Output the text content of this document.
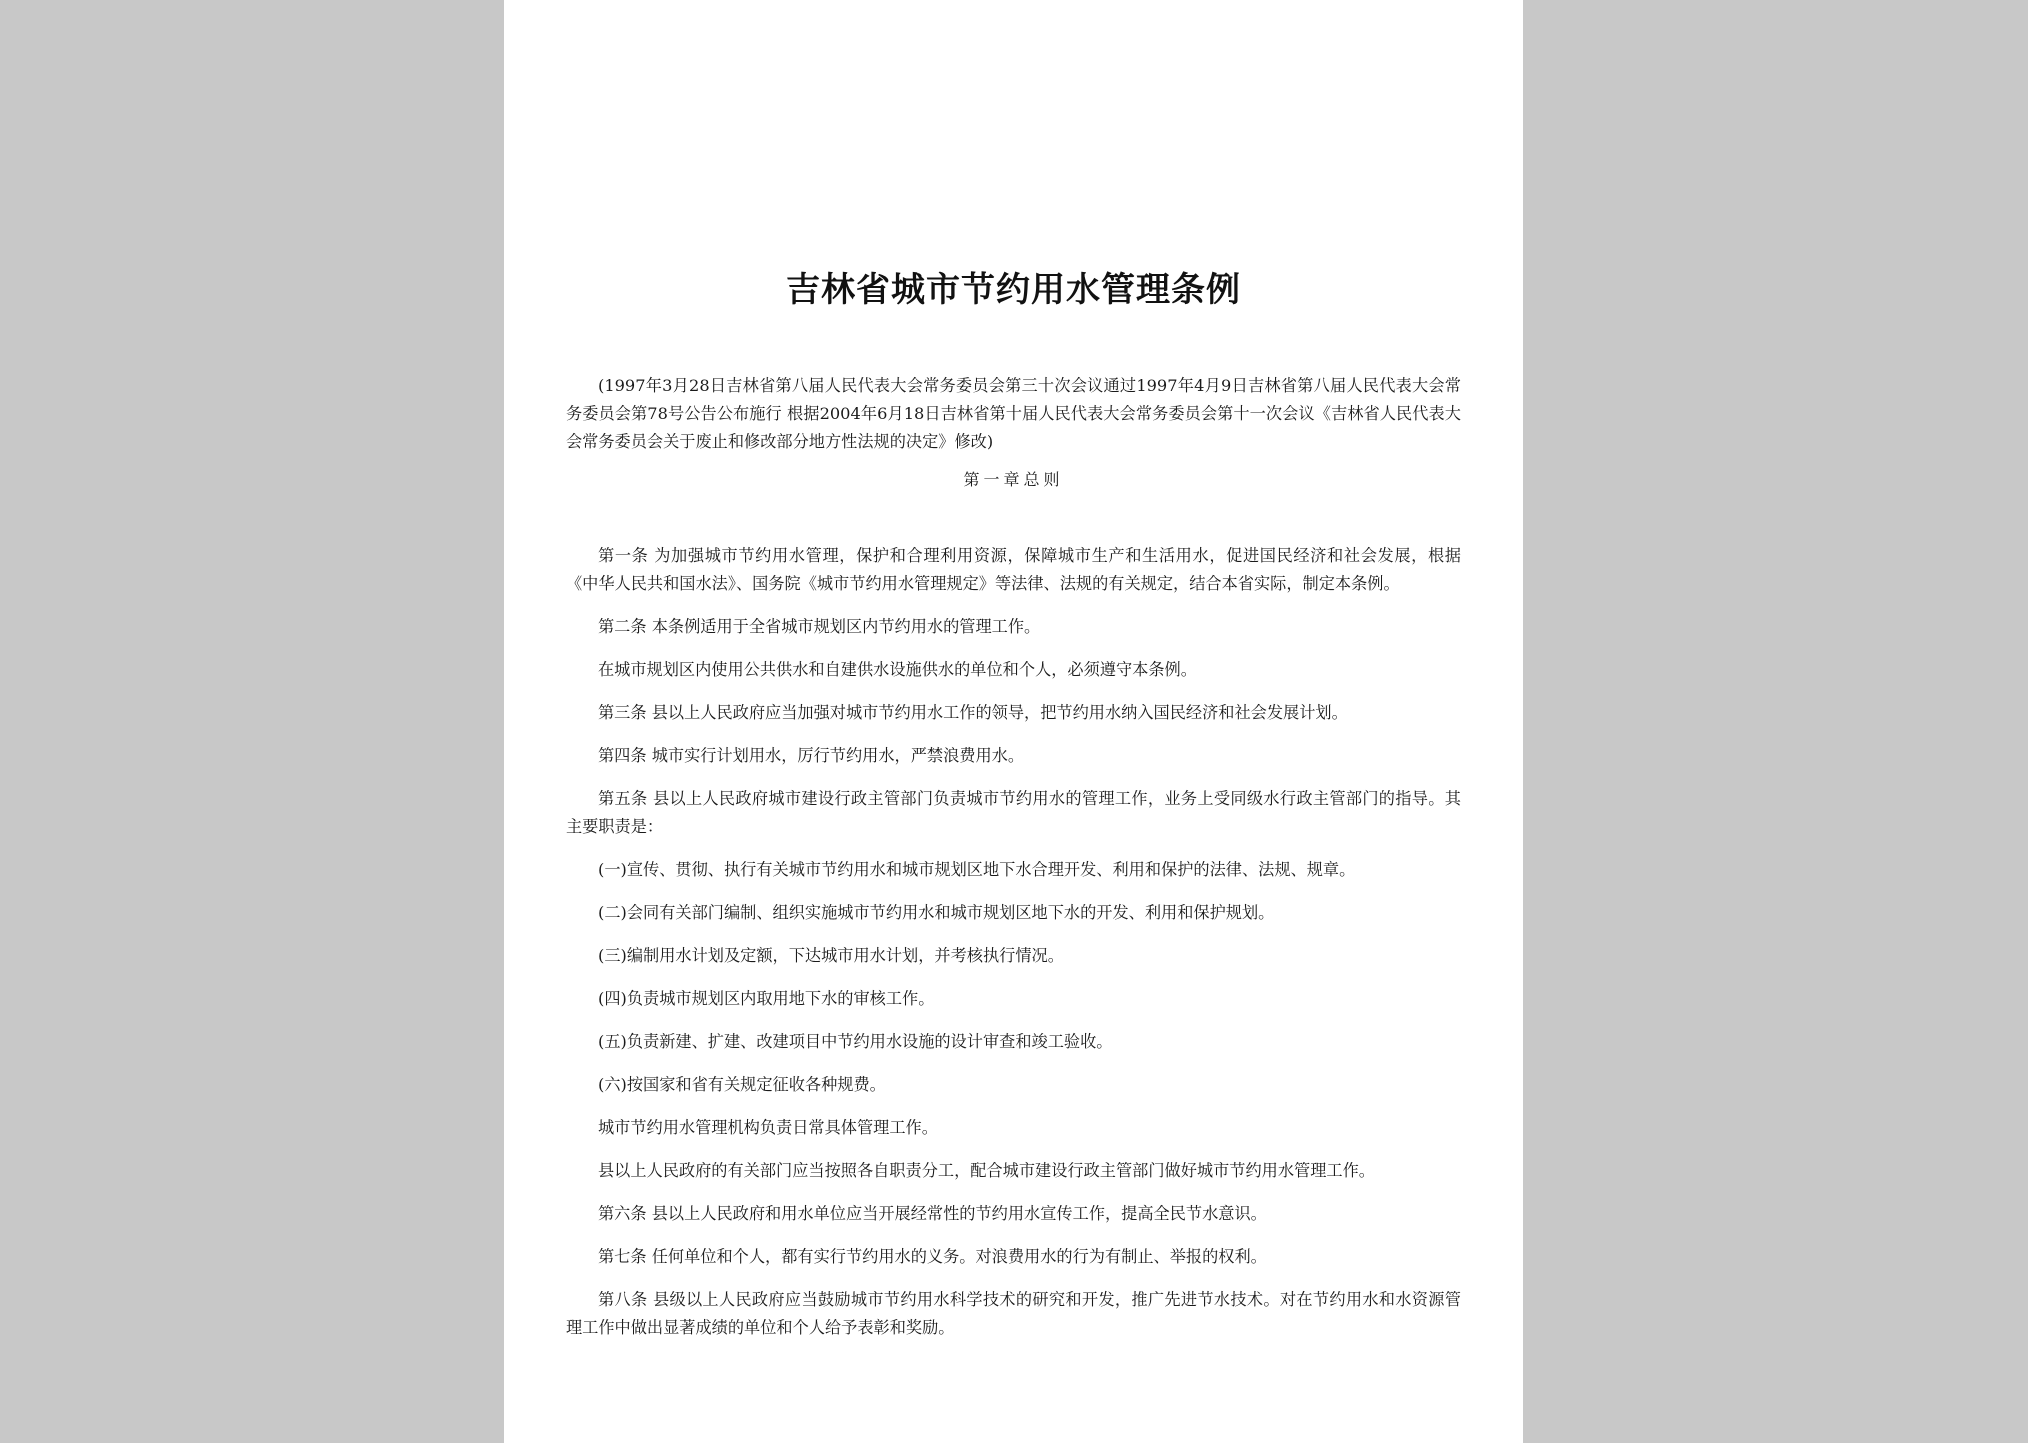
吉林省城市节约用水管理条例

(1997年3月28日吉林省第八届人民代表大会常务委员会第三十次会议通过1997年4月9日吉林省第八届人民代表大会常务委员会第78号公告公布施行 根据2004年6月18日吉林省第十届人民代表大会常务委员会第十一次会议《吉林省人民代表大会常务委员会关于废止和修改部分地方性法规的决定》修改)

第一章总则

第一条 为加强城市节约用水管理，保护和合理利用资源，保障城市生产和生活用水，促进国民经济和社会发展，根据《中华人民共和国水法》、国务院《城市节约用水管理规定》等法律、法规的有关规定，结合本省实际，制定本条例。

第二条 本条例适用于全省城市规划区内节约用水的管理工作。

在城市规划区内使用公共供水和自建供水设施供水的单位和个人，必须遵守本条例。

第三条 县以上人民政府应当加强对城市节约用水工作的领导，把节约用水纳入国民经济和社会发展计划。

第四条 城市实行计划用水，厉行节约用水，严禁浪费用水。

第五条 县以上人民政府城市建设行政主管部门负责城市节约用水的管理工作，业务上受同级水行政主管部门的指导。其主要职责是：

(一)宣传、贯彻、执行有关城市节约用水和城市规划区地下水合理开发、利用和保护的法律、法规、规章。

(二)会同有关部门编制、组织实施城市节约用水和城市规划区地下水的开发、利用和保护规划。

(三)编制用水计划及定额，下达城市用水计划，并考核执行情况。

(四)负责城市规划区内取用地下水的审核工作。

(五)负责新建、扩建、改建项目中节约用水设施的设计审查和竣工验收。

(六)按国家和省有关规定征收各种规费。

城市节约用水管理机构负责日常具体管理工作。

县以上人民政府的有关部门应当按照各自职责分工，配合城市建设行政主管部门做好城市节约用水管理工作。

第六条 县以上人民政府和用水单位应当开展经常性的节约用水宣传工作，提高全民节水意识。

第七条 任何单位和个人，都有实行节约用水的义务。对浪费用水的行为有制止、举报的权利。

第八条 县级以上人民政府应当鼓励城市节约用水科学技术的研究和开发，推广先进节水技术。对在节约用水和水资源管理工作中做出显著成绩的单位和个人给予表彰和奖励。
